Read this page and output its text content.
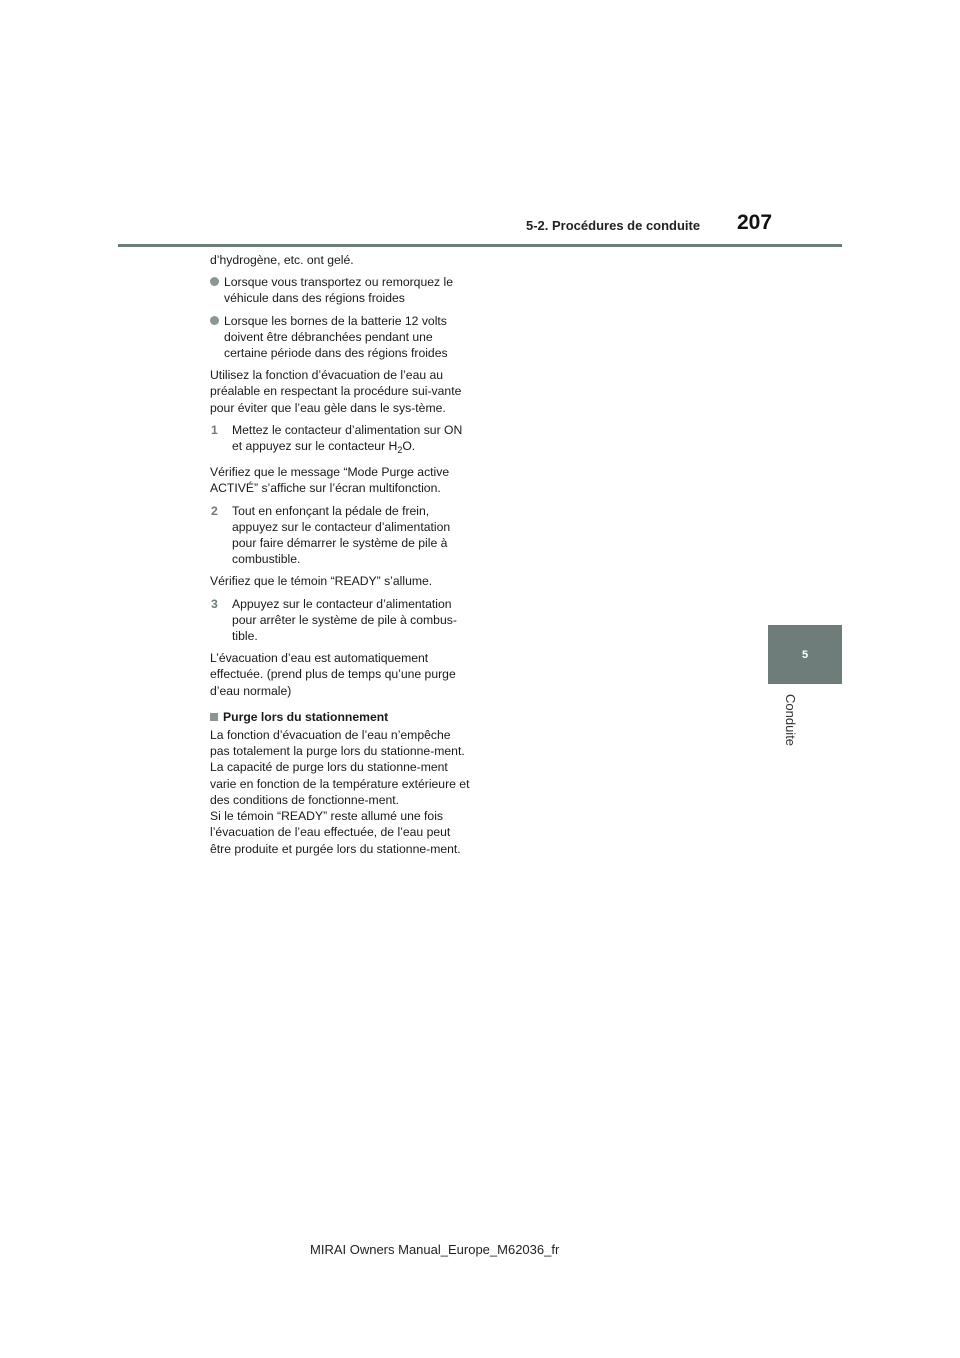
5-2. Procédures de conduite 207
5
Conduite

d’hydrogène, etc. ont gelé.

Lorsque vous transportez ou remorquez le véhicule dans des régions froides
Lorsque les bornes de la batterie 12 volts doivent être débranchées pendant une certaine période dans des régions froides

Utilisez la fonction d’évacuation de l’eau au préalable en respectant la procédure sui-vante pour éviter que l’eau gèle dans le sys-tème.

1 Mettez le contacteur d’alimentation sur ON et appuyez sur le contacteur $H_2O$.

Vérifiez que le message “Mode Purge active ACTIVÉ” s’affiche sur l’écran multifonction.

2 Tout en enfonçant la pédale de frein, appuyez sur le contacteur d’alimentation pour faire démarrer le système de pile à combustible.

Vérifiez que le témoin “READY” s’allume.

3 Appuyez sur le contacteur d’alimentation pour arrêter le système de pile à combus-tible.

L’évacuation d’eau est automatiquement effectuée. (prend plus de temps qu’une purge d’eau normale)

Purge lors du stationnement

La fonction d’évacuation de l’eau n’empêche pas totalement la purge lors du stationne-ment. La capacité de purge lors du stationne-ment varie en fonction de la température extérieure et des conditions de fonctionne-ment.

Si le témoin “READY” reste allumé une fois l’évacuation de l’eau effectuée, de l’eau peut être produite et purgée lors du stationne-ment.

MIRAI Owners Manual_Europe_M62036_fr
